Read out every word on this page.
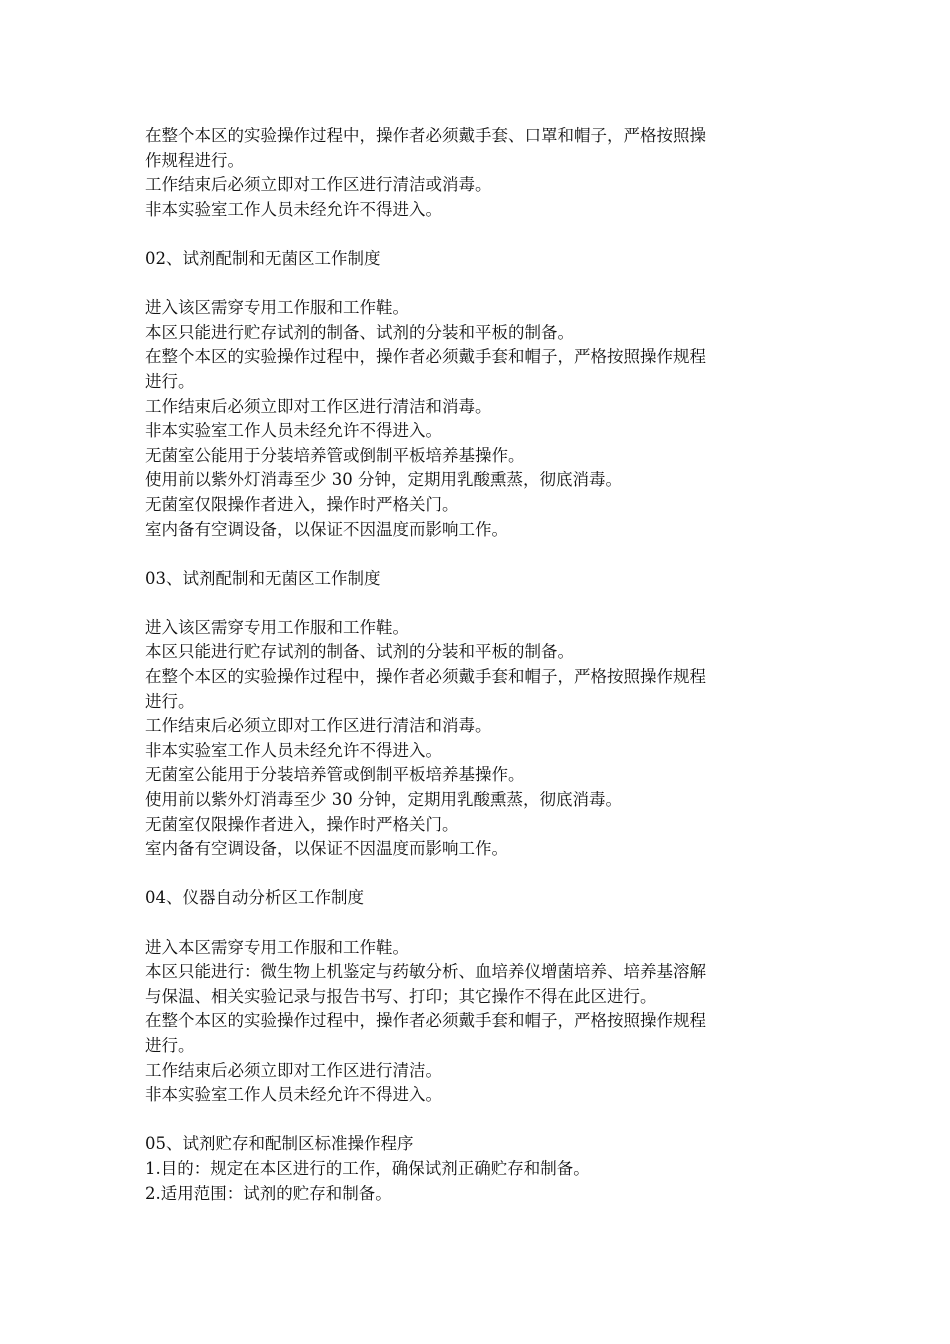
在整个本区的实验操作过程中，操作者必须戴手套、口罩和帽子，严格按照操
作规程进行。
工作结束后必须立即对工作区进行清洁或消毒。
非本实验室工作人员未经允许不得进入。
02、试剂配制和无菌区工作制度
进入该区需穿专用工作服和工作鞋。
本区只能进行贮存试剂的制备、试剂的分装和平板的制备。
在整个本区的实验操作过程中，操作者必须戴手套和帽子，严格按照操作规程
进行。
工作结束后必须立即对工作区进行清洁和消毒。
非本实验室工作人员未经允许不得进入。
无菌室公能用于分装培养管或倒制平板培养基操作。
使用前以紫外灯消毒至少 30 分钟，定期用乳酸熏蒸，彻底消毒。
无菌室仅限操作者进入，操作时严格关门。
室内备有空调设备，以保证不因温度而影响工作。
03、试剂配制和无菌区工作制度
进入该区需穿专用工作服和工作鞋。
本区只能进行贮存试剂的制备、试剂的分装和平板的制备。
在整个本区的实验操作过程中，操作者必须戴手套和帽子，严格按照操作规程
进行。
工作结束后必须立即对工作区进行清洁和消毒。
非本实验室工作人员未经允许不得进入。
无菌室公能用于分装培养管或倒制平板培养基操作。
使用前以紫外灯消毒至少 30 分钟，定期用乳酸熏蒸，彻底消毒。
无菌室仅限操作者进入，操作时严格关门。
室内备有空调设备，以保证不因温度而影响工作。
04、仪器自动分析区工作制度
进入本区需穿专用工作服和工作鞋。
本区只能进行：微生物上机鉴定与药敏分析、血培养仪增菌培养、培养基溶解
与保温、相关实验记录与报告书写、打印；其它操作不得在此区进行。
在整个本区的实验操作过程中，操作者必须戴手套和帽子，严格按照操作规程
进行。
工作结束后必须立即对工作区进行清洁。
非本实验室工作人员未经允许不得进入。
05、试剂贮存和配制区标准操作程序
1.目的：规定在本区进行的工作，确保试剂正确贮存和制备。
2.适用范围：试剂的贮存和制备。
